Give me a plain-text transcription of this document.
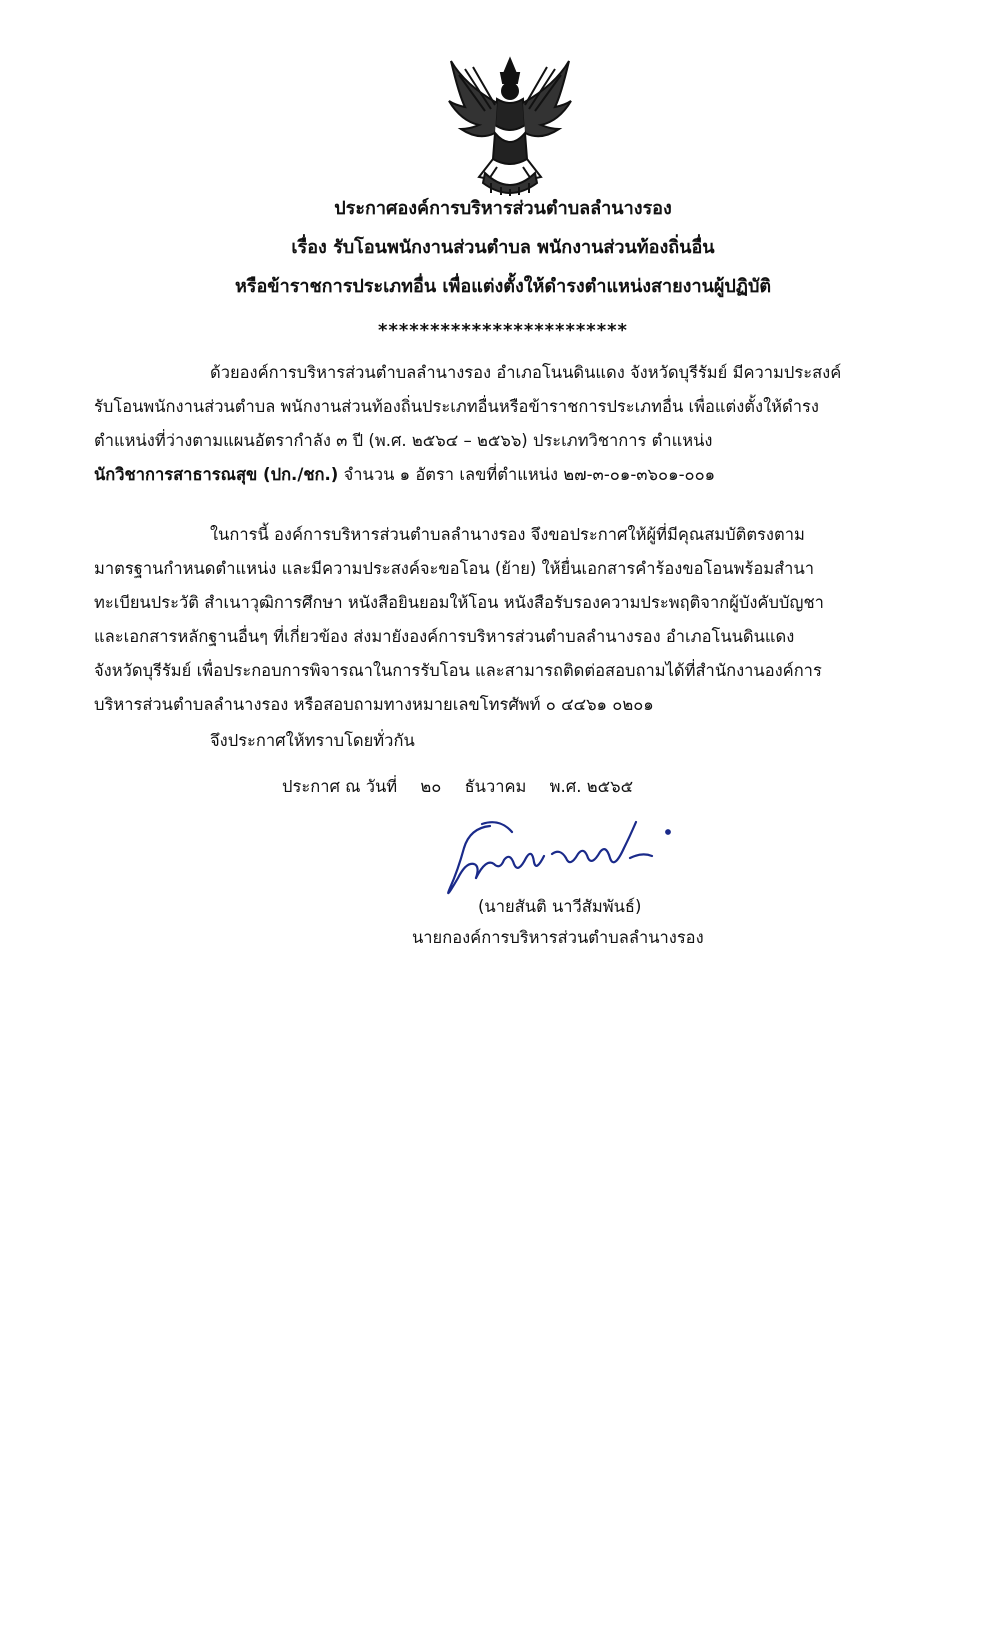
ประกาศองค์การบริหารส่วนตำบลลำนางรอง
เรื่อง รับโอนพนักงานส่วนตำบล พนักงานส่วนท้องถิ่นอื่น
หรือข้าราชการประเภทอื่น เพื่อแต่งตั้งให้ดำรงตำแหน่งสายงานผู้ปฏิบัติ
************************
ด้วยองค์การบริหารส่วนตำบลลำนางรอง อำเภอโนนดินแดง จังหวัดบุรีรัมย์ มีความประสงค์
รับโอนพนักงานส่วนตำบล พนักงานส่วนท้องถิ่นประเภทอื่นหรือข้าราชการประเภทอื่น เพื่อแต่งตั้งให้ดำรง
ตำแหน่งที่ว่างตามแผนอัตรากำลัง ๓ ปี (พ.ศ. ๒๕๖๔ – ๒๕๖๖) ประเภทวิชาการ ตำแหน่ง
นักวิชาการสาธารณสุข (ปก./ชก.) จำนวน ๑ อัตรา เลขที่ตำแหน่ง ๒๗-๓-๐๑-๓๖๐๑-๐๐๑
ในการนี้ องค์การบริหารส่วนตำบลลำนางรอง จึงขอประกาศให้ผู้ที่มีคุณสมบัติตรงตาม
มาตรฐานกำหนดตำแหน่ง และมีความประสงค์จะขอโอน (ย้าย) ให้ยื่นเอกสารคำร้องขอโอนพร้อมสำนา
ทะเบียนประวัติ สำเนาวุฒิการศึกษา หนังสือยินยอมให้โอน หนังสือรับรองความประพฤติจากผู้บังคับบัญชา
และเอกสารหลักฐานอื่นๆ ที่เกี่ยวข้อง ส่งมายังองค์การบริหารส่วนตำบลลำนางรอง อำเภอโนนดินแดง
จังหวัดบุรีรัมย์ เพื่อประกอบการพิจารณาในการรับโอน และสามารถติดต่อสอบถามได้ที่สำนักงานองค์การ
บริหารส่วนตำบลลำนางรอง หรือสอบถามทางหมายเลขโทรศัพท์ ๐ ๔๔๖๑ ๐๒๐๑
จึงประกาศให้ทราบโดยทั่วกัน
ประกาศ ณ วันที่ ๒๐ ธันวาคม พ.ศ. ๒๕๖๕
(นายสันติ นาวีสัมพันธ์)
นายกองค์การบริหารส่วนตำบลลำนางรอง
